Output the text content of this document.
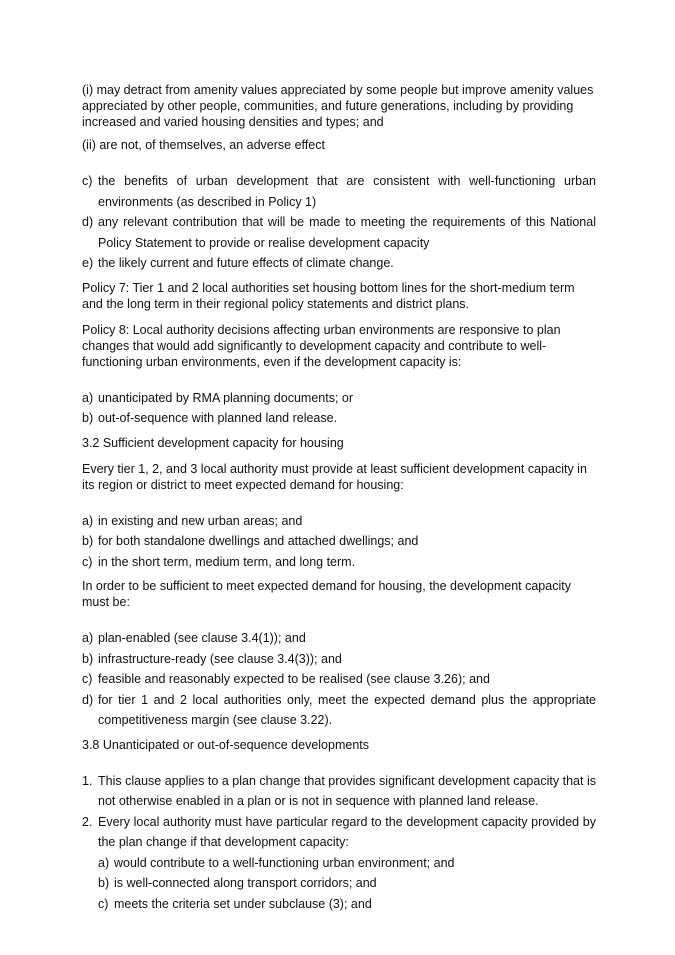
(i) may detract from amenity values appreciated by some people but improve amenity values appreciated by other people, communities, and future generations, including by providing increased and varied housing densities and types; and

(ii) are not, of themselves, an adverse effect

c) the benefits of urban development that are consistent with well-functioning urban environments (as described in Policy 1)
d) any relevant contribution that will be made to meeting the requirements of this National Policy Statement to provide or realise development capacity
e) the likely current and future effects of climate change.

Policy 7: Tier 1 and 2 local authorities set housing bottom lines for the short-medium term and the long term in their regional policy statements and district plans.

Policy 8: Local authority decisions affecting urban environments are responsive to plan changes that would add significantly to development capacity and contribute to well-functioning urban environments, even if the development capacity is:

a) unanticipated by RMA planning documents; or
b) out-of-sequence with planned land release.

3.2 Sufficient development capacity for housing

Every tier 1, 2, and 3 local authority must provide at least sufficient development capacity in its region or district to meet expected demand for housing:

a) in existing and new urban areas; and
b) for both standalone dwellings and attached dwellings; and
c) in the short term, medium term, and long term.

In order to be sufficient to meet expected demand for housing, the development capacity must be:

a) plan-enabled (see clause 3.4(1)); and
b) infrastructure-ready (see clause 3.4(3)); and
c) feasible and reasonably expected to be realised (see clause 3.26); and
d) for tier 1 and 2 local authorities only, meet the expected demand plus the appropriate competitiveness margin (see clause 3.22).

3.8 Unanticipated or out-of-sequence developments

1. This clause applies to a plan change that provides significant development capacity that is not otherwise enabled in a plan or is not in sequence with planned land release.
2. Every local authority must have particular regard to the development capacity provided by the plan change if that development capacity:
a) would contribute to a well-functioning urban environment; and
b) is well-connected along transport corridors; and
c) meets the criteria set under subclause (3); and
